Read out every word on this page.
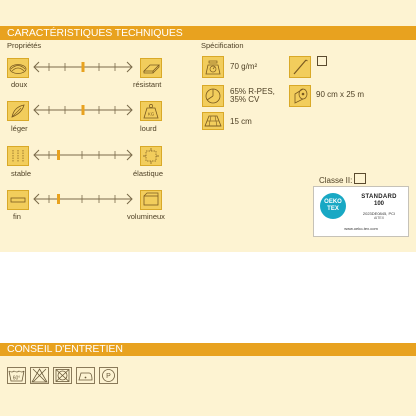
CARACTÉRISTIQUES TECHNIQUES
Propriétés	Spécification
doux	résistant
KG
léger	lourd
stable	élastique
fin	volumineux
70 g/m²
65% R-PES,
35% CV
15 cm
90 cm x 25 m
Classe II:
OEKO
TEX
STANDARD
100
2023DE0845, PCI
AITEX
www.oeko-tex.com
CONSEIL D'ENTRETIEN
60°	P
